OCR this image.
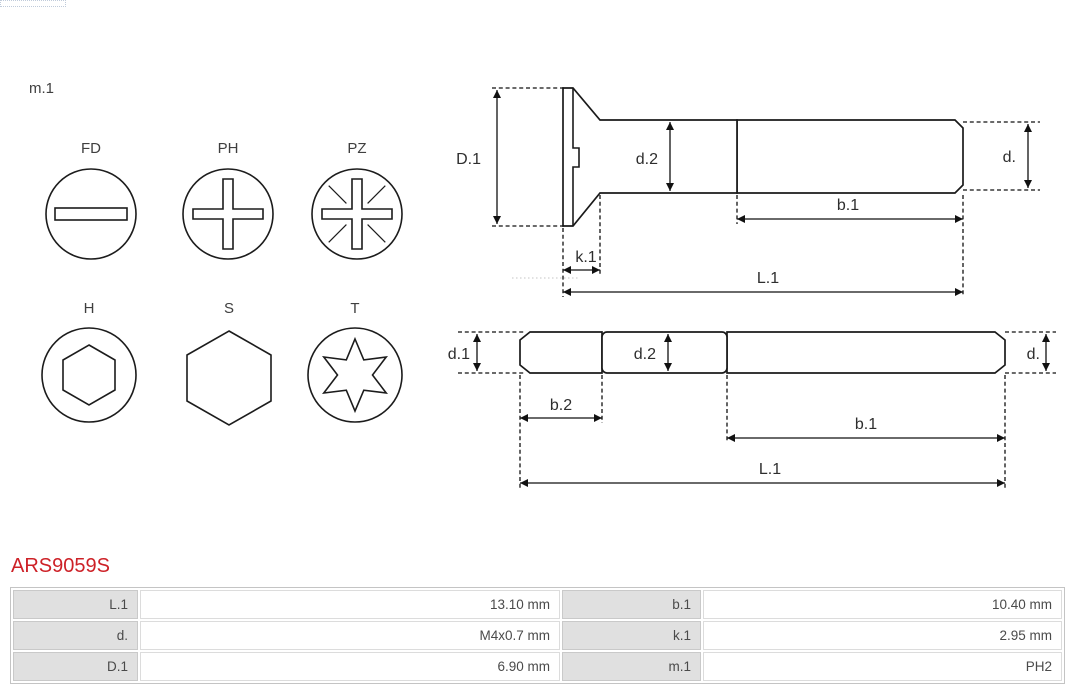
m.1
FD	PH	PZ
H	S	T
D.1	d.2	d.
k.1
b.1
L.1
d.1	d.2	d.
b.2
b.1
L.1
ARS9059S
L.1	13.10 mm	b.1	10.40 mm
d.	M4x0.7 mm	k.1	2.95 mm
D.1	6.90 mm	m.1	PH2
